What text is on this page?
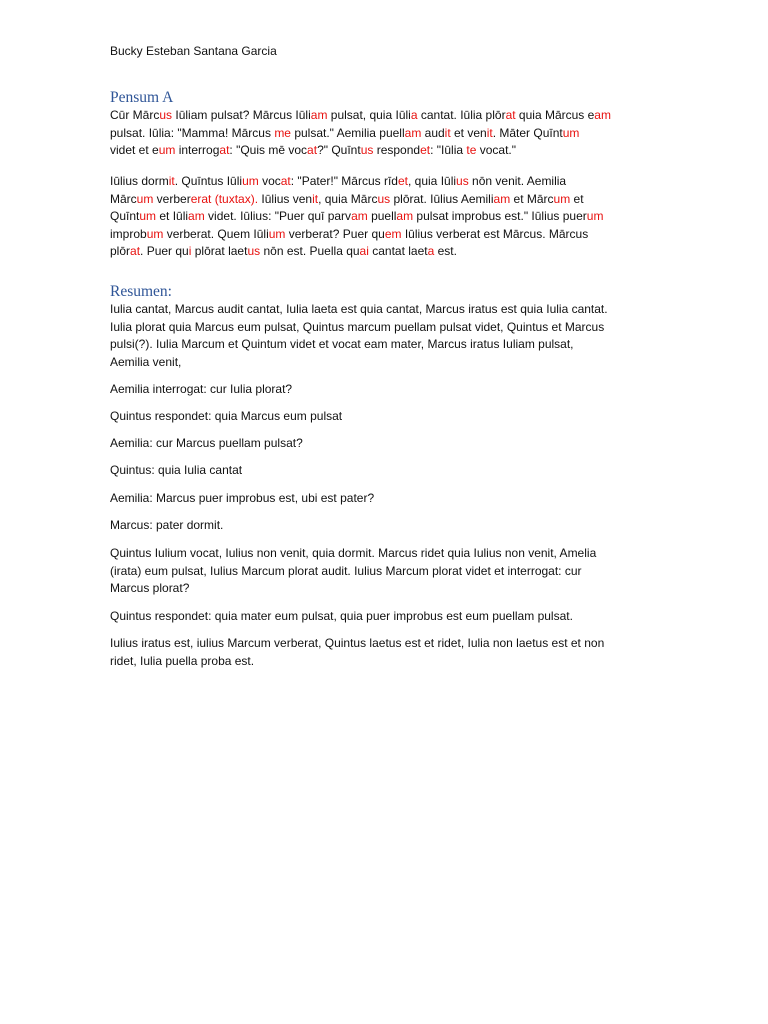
Bucky Esteban Santana Garcia
Pensum A

Cūr Mārcus Iūliam pulsat? Mārcus Iūliam pulsat, quia Iūlia cantat. Iūlia plōrat quia Mārcus eam
pulsat. Iūlia: "Mamma! Mārcus me pulsat." Aemilia puellam audit et venit. Māter Quīntum
videt et eum interrogat: "Quis mē vocat?" Quīntus respondet: "Iūlia te vocat."

Iūlius dormit. Quīntus Iūlium vocat: "Pater!" Mārcus rīdet, quia Iūlius nōn venit. Aemilia
Mārcum verbererat (tuxtax). Iūlius venit, quia Mārcus plōrat. Iūlius Aemiliam et Mārcum et
Quīntum et Iūliam videt. Iūlius: "Puer quī parvam puellam pulsat improbus est." Iūlius puerum
improbum verberat. Quem Iūlium verberat? Puer quem Iūlius verberat est Mārcus. Mārcus
plōrat. Puer qui plōrat laetus nōn est. Puella quai cantat laeta est.

Resumen:

Iulia cantat, Marcus audit cantat, Iulia laeta est quia cantat, Marcus iratus est quia Iulia cantat.
Iulia plorat quia Marcus eum pulsat, Quintus marcum puellam pulsat videt, Quintus et Marcus
pulsi(?). Iulia Marcum et Quintum videt et vocat eam mater, Marcus iratus Iuliam pulsat,
Aemilia venit,

Aemilia interrogat: cur Iulia plorat?

Quintus respondet: quia Marcus eum pulsat

Aemilia: cur Marcus puellam pulsat?

Quintus: quia Iulia cantat

Aemilia: Marcus puer improbus est, ubi est pater?

Marcus: pater dormit.

Quintus Iulium vocat, Iulius non venit, quia dormit. Marcus ridet quia Iulius non venit, Amelia
(irata) eum pulsat, Iulius Marcum plorat audit. Iulius Marcum plorat videt et interrogat: cur
Marcus plorat?

Quintus respondet: quia mater eum pulsat, quia puer improbus est eum puellam pulsat.

Iulius iratus est, iulius Marcum verberat, Quintus laetus est et ridet, Iulia non laetus est et non
ridet, Iulia puella proba est.
